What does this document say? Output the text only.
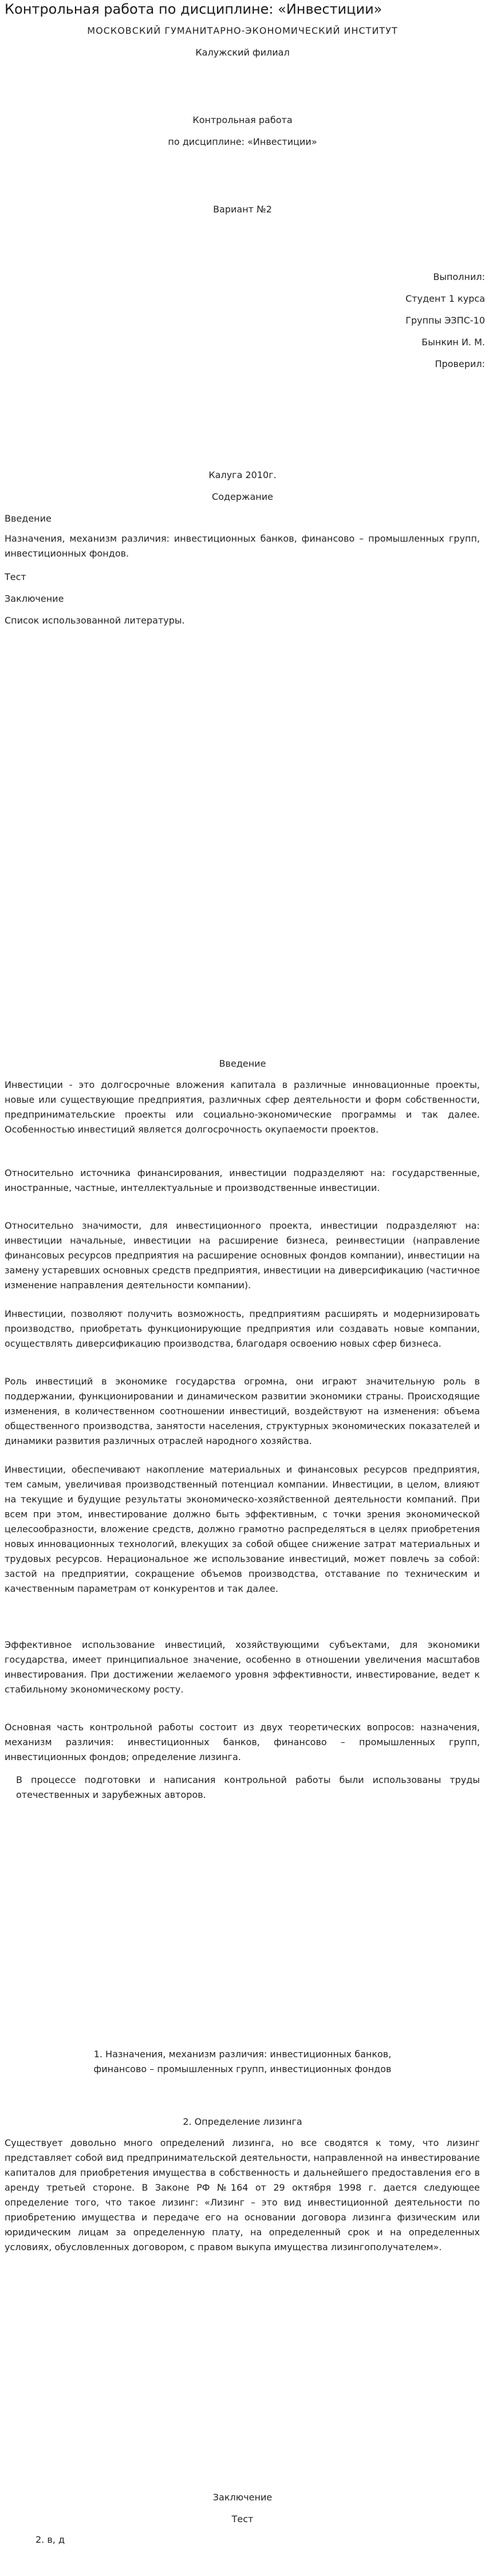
Контрольная работа по дисциплине: «Инвестиции»
МОСКОВСКИЙ ГУМАНИТАРНО-ЭКОНОМИЧЕСКИЙ ИНСТИТУТ
Калужский филиал
Контрольная работа
по дисциплине: «Инвестиции»
Вариант №2
Выполнил:
Студент 1 курса
Группы ЭЗПС-10
Бынкин И. М.
Проверил:
Калуга 2010г.
Содержание
Введение

Назначения, механизм различия: инвестиционных банков, финансово – промышленных групп, инвестиционных фондов.

Тест
Заключение
Список использованной литературы.
Введение

Инвестиции - это долгосрочные вложения капитала в различные инновационные проекты, новые или существующие предприятия, различных сфер деятельности и форм собственности, предпринимательские проекты или социально-экономические программы и так далее. Особенностью инвестиций является долгосрочность окупаемости проектов.

Относительно источника финансирования, инвестиции подразделяют на: государственные, иностранные, частные, интеллектуальные и производственные инвестиции.

Относительно значимости, для инвестиционного проекта, инвестиции подразделяют на: инвестиции начальные, инвестиции на расширение бизнеса, реинвестиции (направление финансовых ресурсов предприятия на расширение основных фондов компании), инвестиции на замену устаревших основных средств предприятия, инвестиции на диверсификацию (частичное изменение направления деятельности компании).

Инвестиции, позволяют получить возможность, предприятиям расширять и модернизировать производство, приобретать функционирующие предприятия или создавать новые компании, осуществлять диверсификацию производства, благодаря освоению новых сфер бизнеса.

Роль инвестиций в экономике государства огромна, они играют значительную роль в поддержании, функционировании и динамическом развитии экономики страны. Происходящие изменения, в количественном соотношении инвестиций, воздействуют на изменения: объема общественного производства, занятости населения, структурных экономических показателей и динамики развития различных отраслей народного хозяйства.

Инвестиции, обеспечивают накопление материальных и финансовых ресурсов предприятия, тем самым, увеличивая производственный потенциал компании. Инвестиции, в целом, влияют на текущие и будущие результаты экономическо-хозяйственной деятельности компаний. При всем при этом, инвестирование должно быть эффективным, с точки зрения экономической целесообразности, вложение средств, должно грамотно распределяться в целях приобретения новых инновационных технологий, влекущих за собой общее снижение затрат материальных и трудовых ресурсов. Нерациональное же использование инвестиций, может повлечь за собой: застой на предприятии, сокращение объемов производства, отставание по техническим и качественным параметрам от конкурентов и так далее.

Эффективное использование инвестиций, хозяйствующими субъектами, для экономики государства, имеет принципиальное значение, особенно в отношении увеличения масштабов инвестирования. При достижении желаемого уровня эффективности, инвестирование, ведет к стабильному экономическому росту.

Основная часть контрольной работы состоит из двух теоретических вопросов: назначения, механизм различия: инвестиционных банков, финансово – промышленных групп, инвестиционных фондов; определение лизинга.

В процессе подготовки и написания контрольной работы были использованы труды отечественных и зарубежных авторов.

1. Назначения, механизм различия: инвестиционных банков,
финансово – промышленных групп, инвестиционных фондов
2. Определение лизинга

Существует довольно много определений лизинга, но все сводятся к тому, что лизинг представляет собой вид предпринимательской деятельности, направленной на инвестирование капиталов для приобретения имущества в собственность и дальнейшего предоставления его в аренду третьей стороне. В Законе РФ №164 от 29 октября 1998 г. дается следующее определение того, что такое лизинг: «Лизинг – это вид инвестиционной деятельности по приобретению имущества и передаче его на основании договора лизинга физическим или юридическим лицам за определенную плату, на определенный срок и на определенных условиях, обусловленных договором, с правом выкупа имущества лизингополучателем».

Заключение
Тест
2. в, д
